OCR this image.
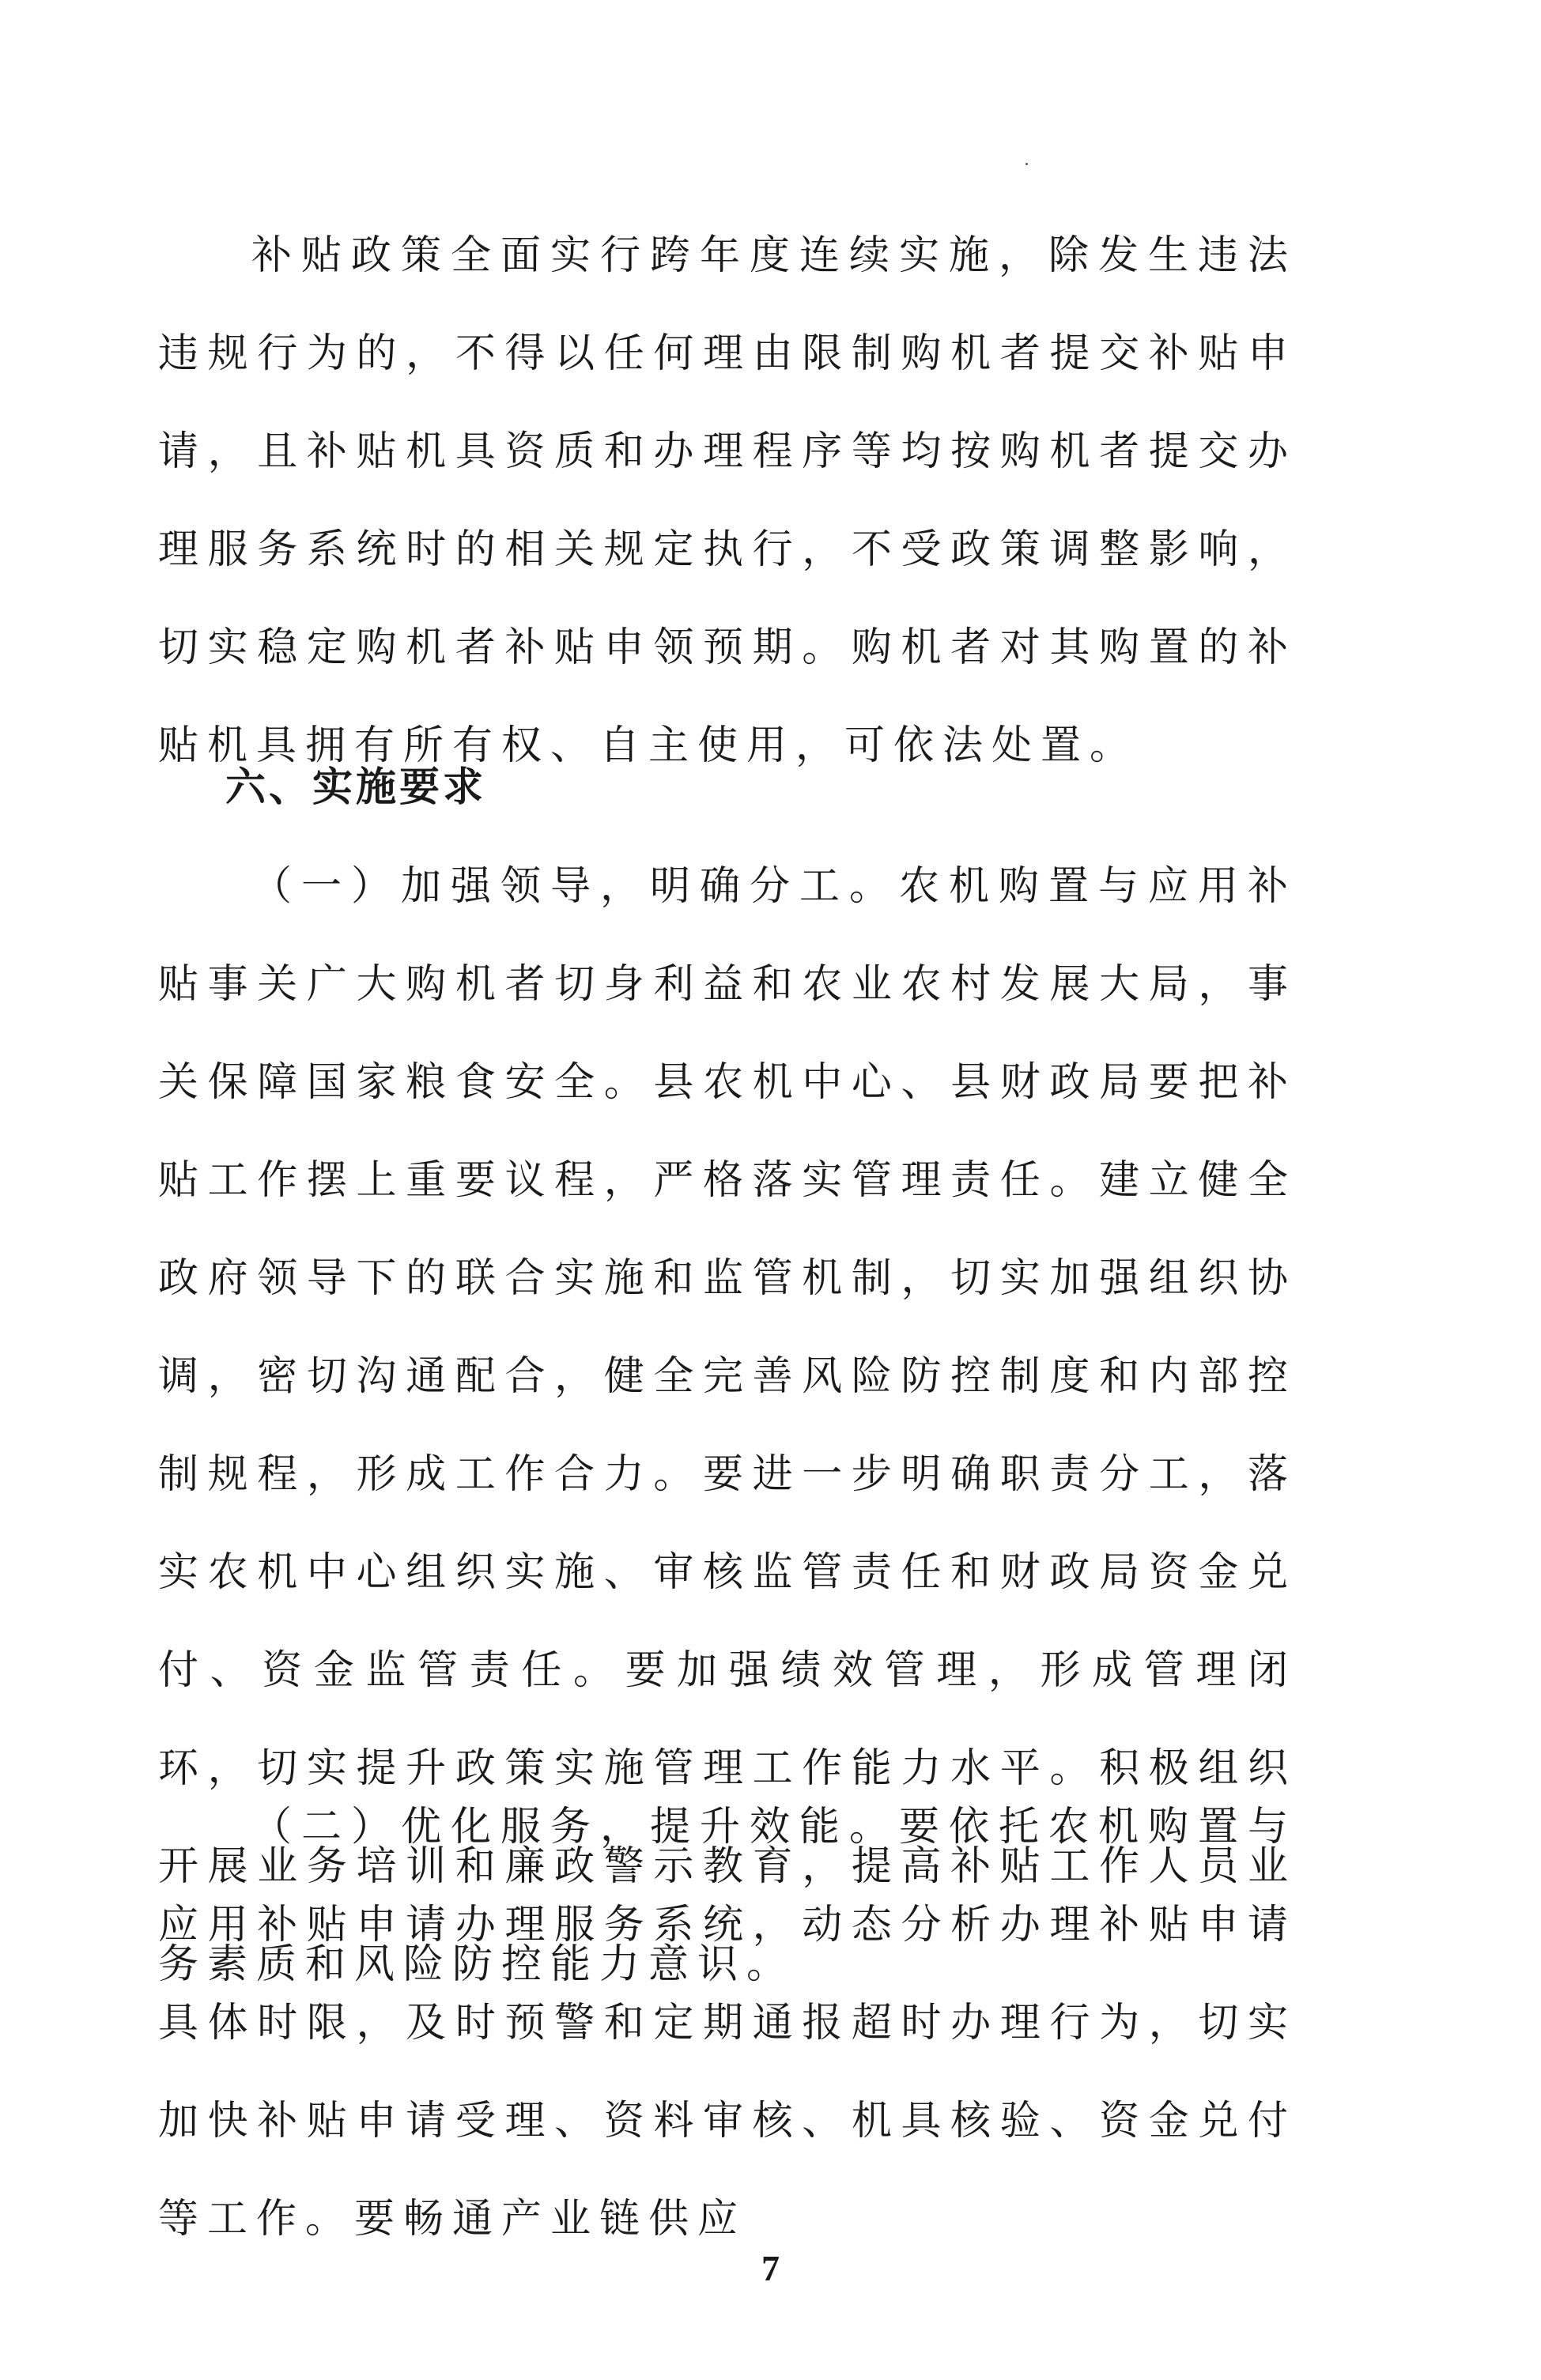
补贴政策全面实行跨年度连续实施，除发生违法违规行为的，不得以任何理由限制购机者提交补贴申请，且补贴机具资质和办理程序等均按购机者提交办理服务系统时的相关规定执行，不受政策调整影响，切实稳定购机者补贴申领预期。购机者对其购置的补贴机具拥有所有权、自主使用，可依法处置。

六、实施要求

（一）加强领导，明确分工。农机购置与应用补贴事关广大购机者切身利益和农业农村发展大局，事关保障国家粮食安全。县农机中心、县财政局要把补贴工作摆上重要议程，严格落实管理责任。建立健全政府领导下的联合实施和监管机制，切实加强组织协调，密切沟通配合，健全完善风险防控制度和内部控制规程，形成工作合力。要进一步明确职责分工，落实农机中心组织实施、审核监管责任和财政局资金兑付、资金监管责任。要加强绩效管理，形成管理闭环，切实提升政策实施管理工作能力水平。积极组织开展业务培训和廉政警示教育，提高补贴工作人员业务素质和风险防控能力意识。

（二）优化服务，提升效能。要依托农机购置与应用补贴申请办理服务系统，动态分析办理补贴申请具体时限，及时预警和定期通报超时办理行为，切实加快补贴申请受理、资料审核、机具核验、资金兑付等工作。要畅通产业链供应

7
